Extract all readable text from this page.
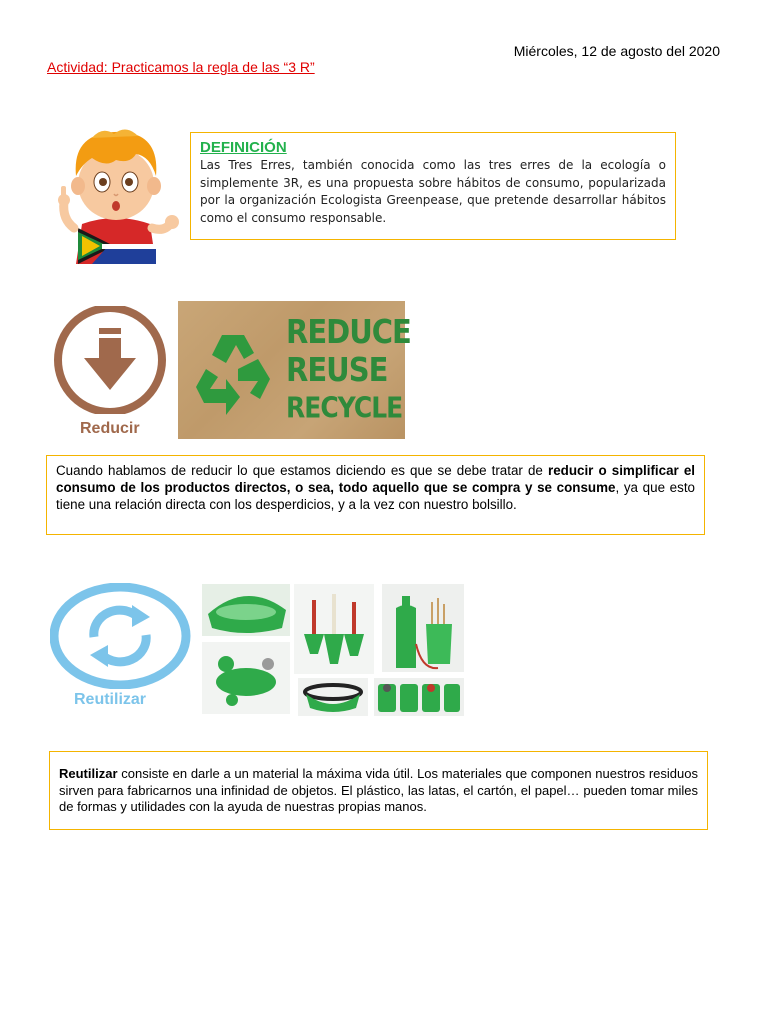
Miércoles, 12 de agosto del 2020
Actividad: Practicamos la regla de las “3 R”
DEFINICIÓN
Las Tres Erres, también conocida como las tres erres de la ecología o simplemente 3R, es una propuesta sobre hábitos de consumo, popularizada por la organización Ecologista Greenpease, que pretende desarrollar hábitos como el consumo responsable.
Reducir
REDUCE
REUSE
RECYCLE
Cuando hablamos de reducir lo que estamos diciendo es que se debe tratar de reducir o simplificar el consumo de los productos directos, o sea, todo aquello que se compra y se consume, ya que esto tiene una relación directa con los desperdicios, y a la vez con nuestro bolsillo.
Reutilizar
Reutilizar consiste en darle a un material la máxima vida útil. Los materiales que componen nuestros residuos sirven para fabricarnos una infinidad de objetos. El plástico, las latas, el cartón, el papel… pueden tomar miles de formas y utilidades con la ayuda de nuestras propias manos.
